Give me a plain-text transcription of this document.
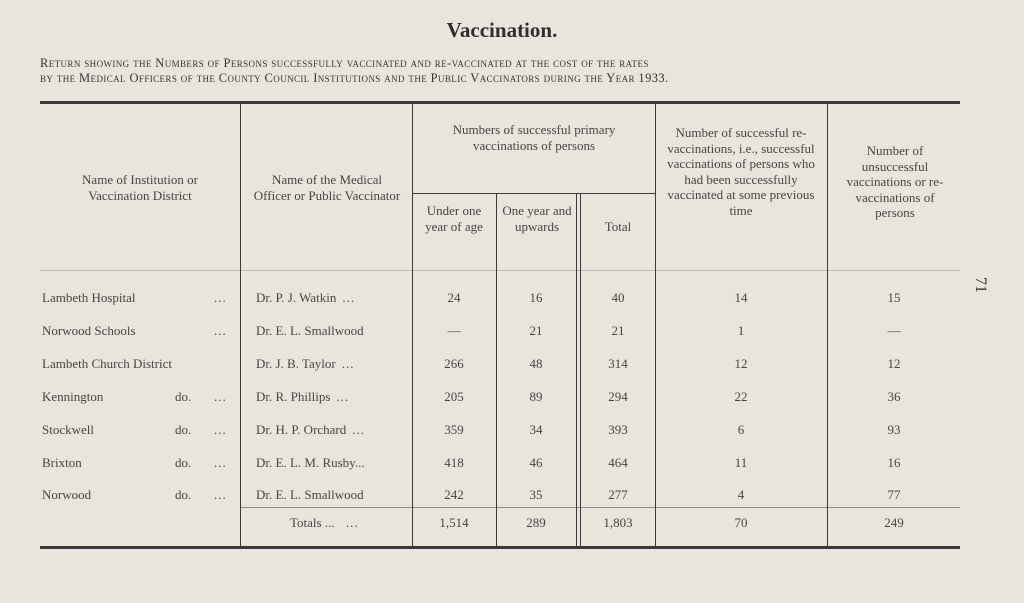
Vaccination.
Return showing the Numbers of Persons successfully vaccinated and re-vaccinated at the cost of the rates
by the Medical Officers of the County Council Institutions and the Public Vaccinators during the Year 1933.
71
Name of Institution or Vaccination District
Name of the Medical Officer or Public Vaccinator
Numbers of successful primary vaccinations of persons
Under one year of age
One year and upwards	Total
Number of successful re-vaccinations, i.e., successful vaccinations of persons who had been successfully vaccinated at some previous time
Number of unsuccessful vaccinations or re-vaccinations of persons
Lambeth Hospital	... Dr. P. J. Watkin ...	24	16	40	14	15
Norwood Schools	... Dr. E. L. Smallwood	—	21	21	1	—
Lambeth Church District	Dr. J. B. Taylor ...	266	48	314	12	12
Kennington	do. ... Dr. R. Phillips ...	205	89	294	22	36
Stockwell	do. ... Dr. H. P. Orchard ...	359	34	393	6	93
Brixton	do. ... Dr. E. L. M. Rusby...	418	46	464	11	16
Norwood	do. ... Dr. E. L. Smallwood	242	35	277	4	77
Totals ... ...	1,514	289	1,803	70	249
